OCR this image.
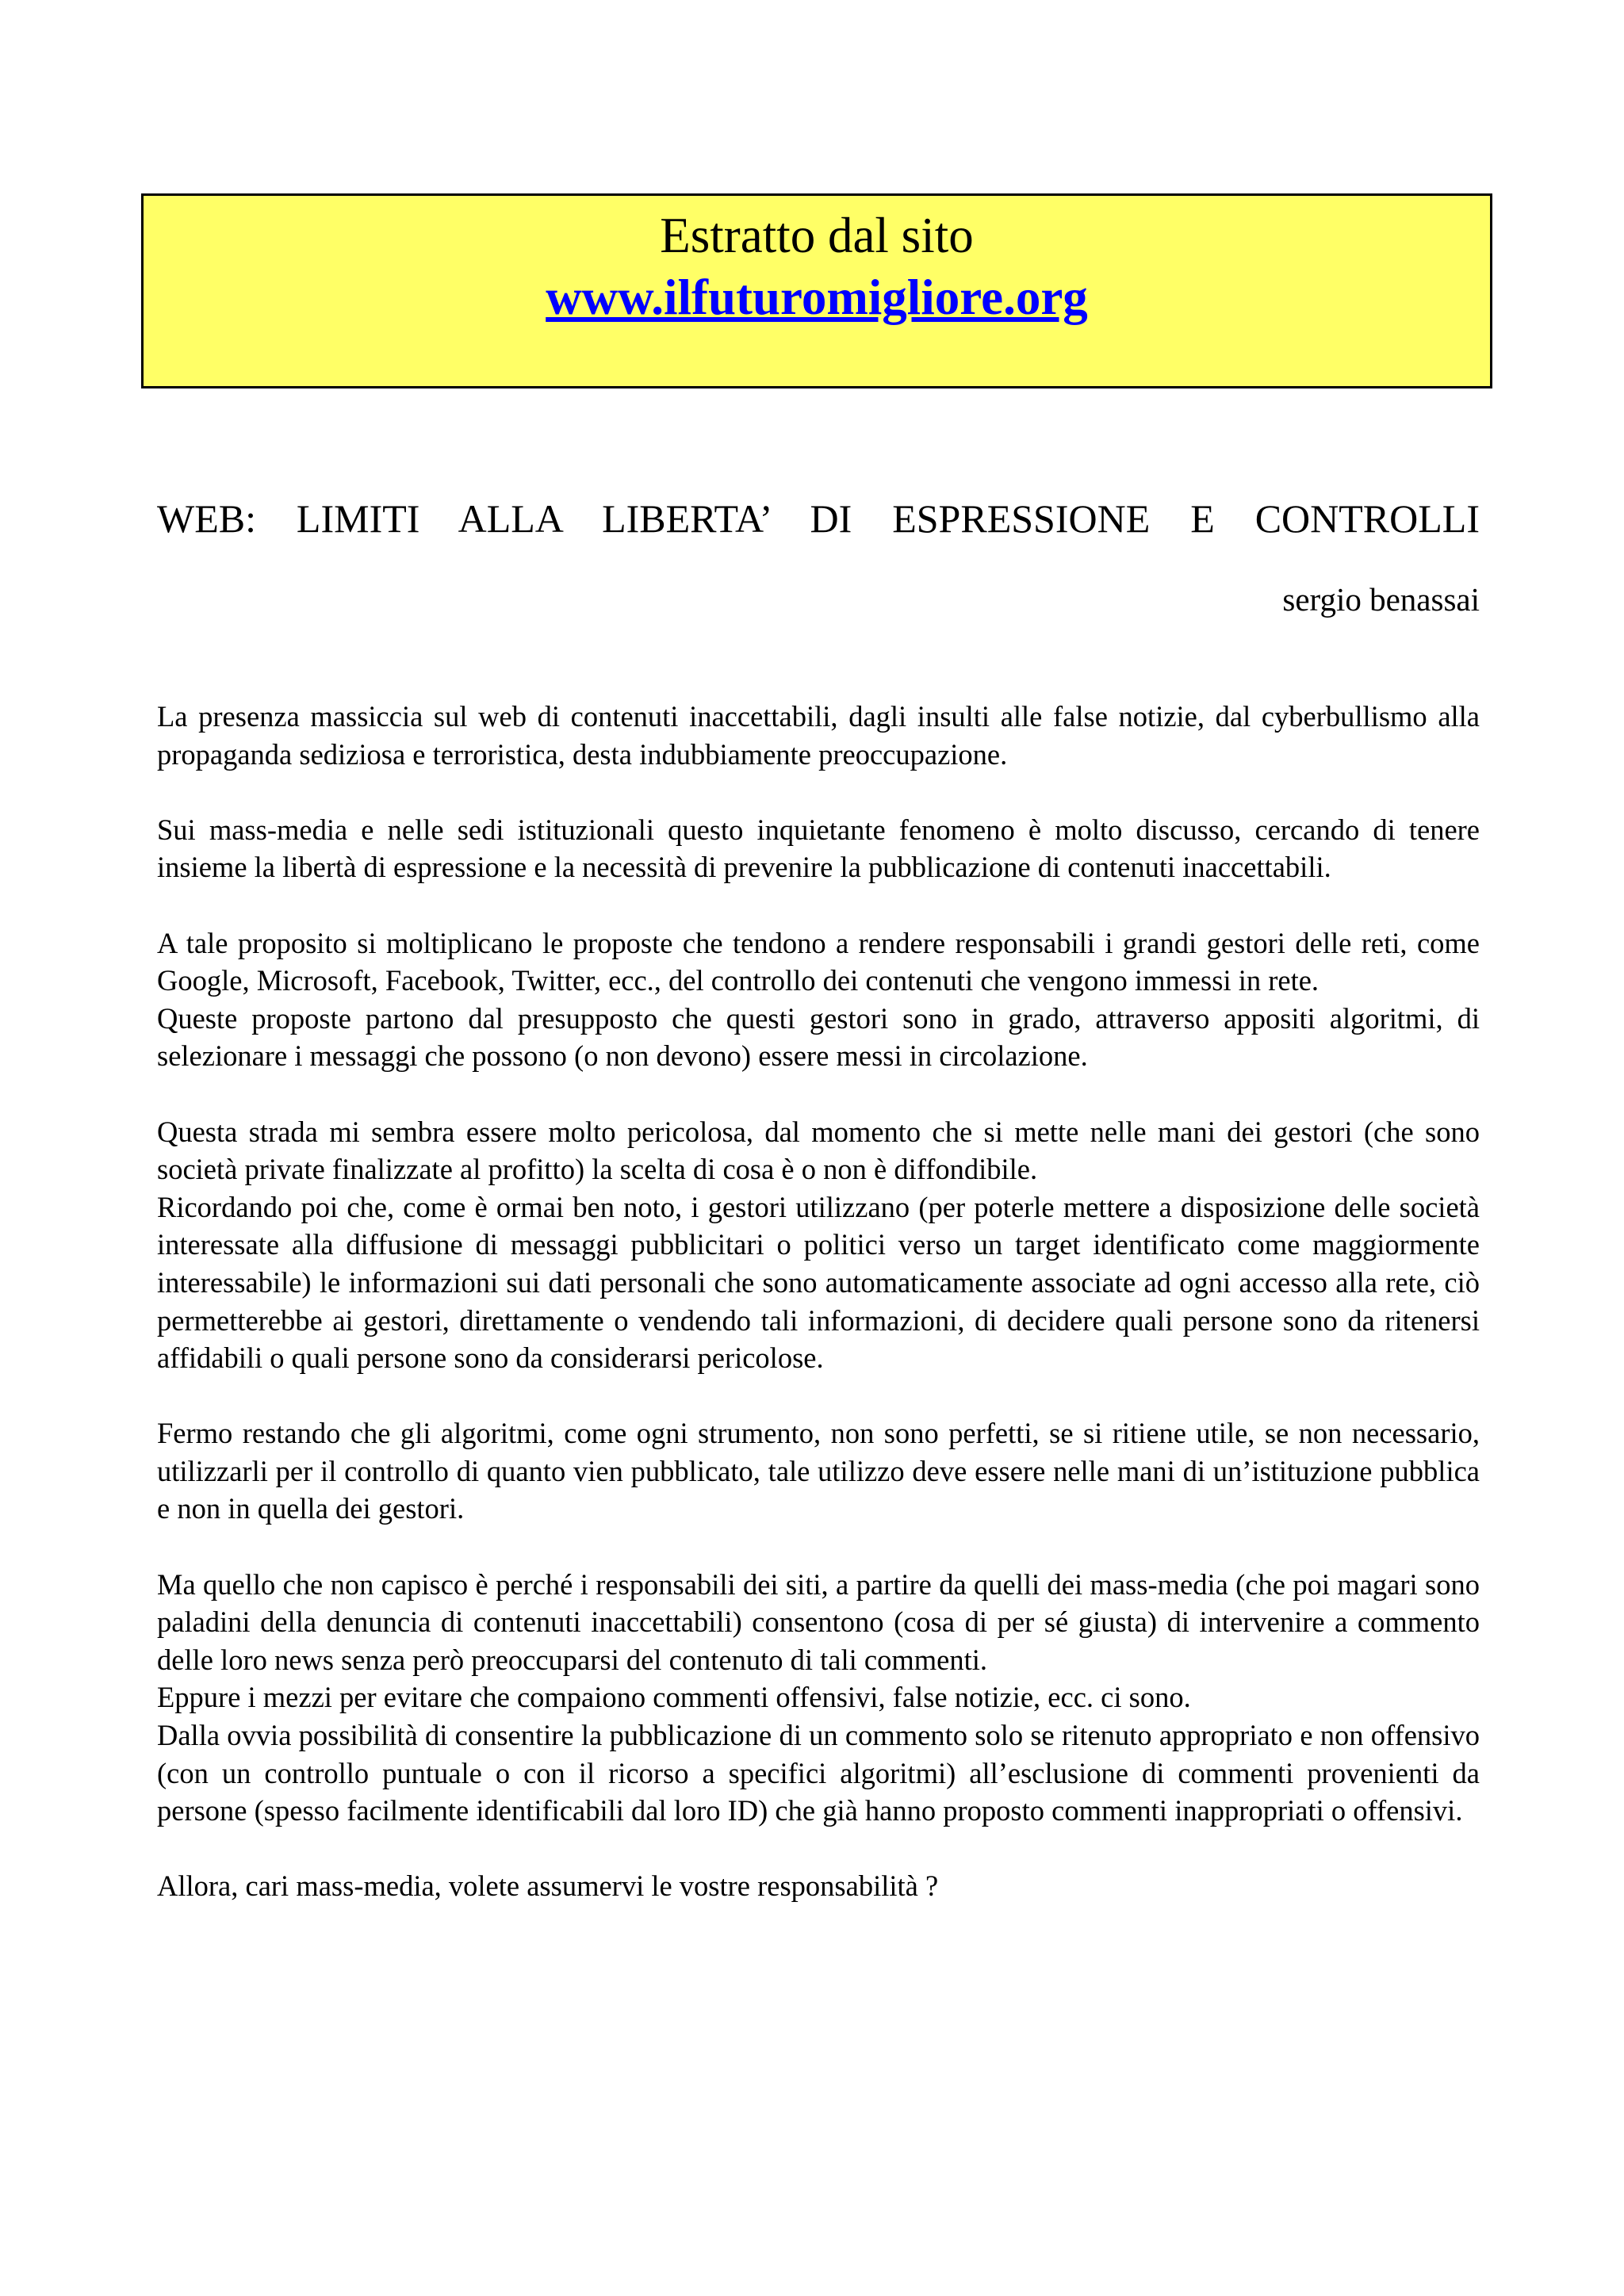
Estratto dal sito
www.ilfuturomigliore.org
WEB: LIMITI ALLA LIBERTA’ DI ESPRESSIONE E CONTROLLI
sergio benassai

La presenza massiccia sul web di contenuti inaccettabili, dagli insulti alle false notizie, dal cyberbullismo alla propaganda sediziosa e terroristica, desta indubbiamente preoccupazione.

Sui mass-media e nelle sedi istituzionali questo inquietante fenomeno è molto discusso, cercando di tenere insieme la libertà di espressione e la necessità di prevenire la pubblicazione di contenuti inaccettabili.

A tale proposito si moltiplicano le proposte che tendono a rendere responsabili i grandi gestori delle reti, come Google, Microsoft, Facebook, Twitter, ecc., del controllo dei contenuti che vengono immessi in rete.

Queste proposte partono dal presupposto che questi gestori sono in grado, attraverso appositi algoritmi, di selezionare i messaggi che possono (o non devono) essere messi in circolazione.

Questa strada mi sembra essere molto pericolosa, dal momento che si mette nelle mani dei gestori (che sono società private finalizzate al profitto) la scelta di cosa è o non è diffondibile.

Ricordando poi che, come è ormai ben noto, i gestori utilizzano (per poterle mettere a disposizione delle società interessate alla diffusione di messaggi pubblicitari o politici verso un target identificato come maggiormente interessabile) le informazioni sui dati personali che sono automaticamente associate ad ogni accesso alla rete, ciò permetterebbe ai gestori, direttamente o vendendo tali informazioni, di decidere quali persone sono da ritenersi affidabili o quali persone sono da considerarsi pericolose.

Fermo restando che gli algoritmi, come ogni strumento, non sono perfetti, se si ritiene utile, se non necessario, utilizzarli per il controllo di quanto vien pubblicato, tale utilizzo deve essere nelle mani di un’istituzione pubblica e non in quella dei gestori.

Ma quello che non capisco è perché i responsabili dei siti, a partire da quelli dei mass-media (che poi magari sono paladini della denuncia di contenuti inaccettabili) consentono (cosa di per sé giusta) di intervenire a commento delle loro news senza però preoccuparsi del contenuto di tali commenti.

Eppure i mezzi per evitare che compaiono commenti offensivi, false notizie, ecc. ci sono.

Dalla ovvia possibilità di consentire la pubblicazione di un commento solo se ritenuto appropriato e non offensivo (con un controllo puntuale o con il ricorso a specifici algoritmi) all’esclusione di commenti provenienti da persone (spesso facilmente identificabili dal loro ID) che già hanno proposto commenti inappropriati o offensivi.

Allora, cari mass-media, volete assumervi le vostre responsabilità ?
